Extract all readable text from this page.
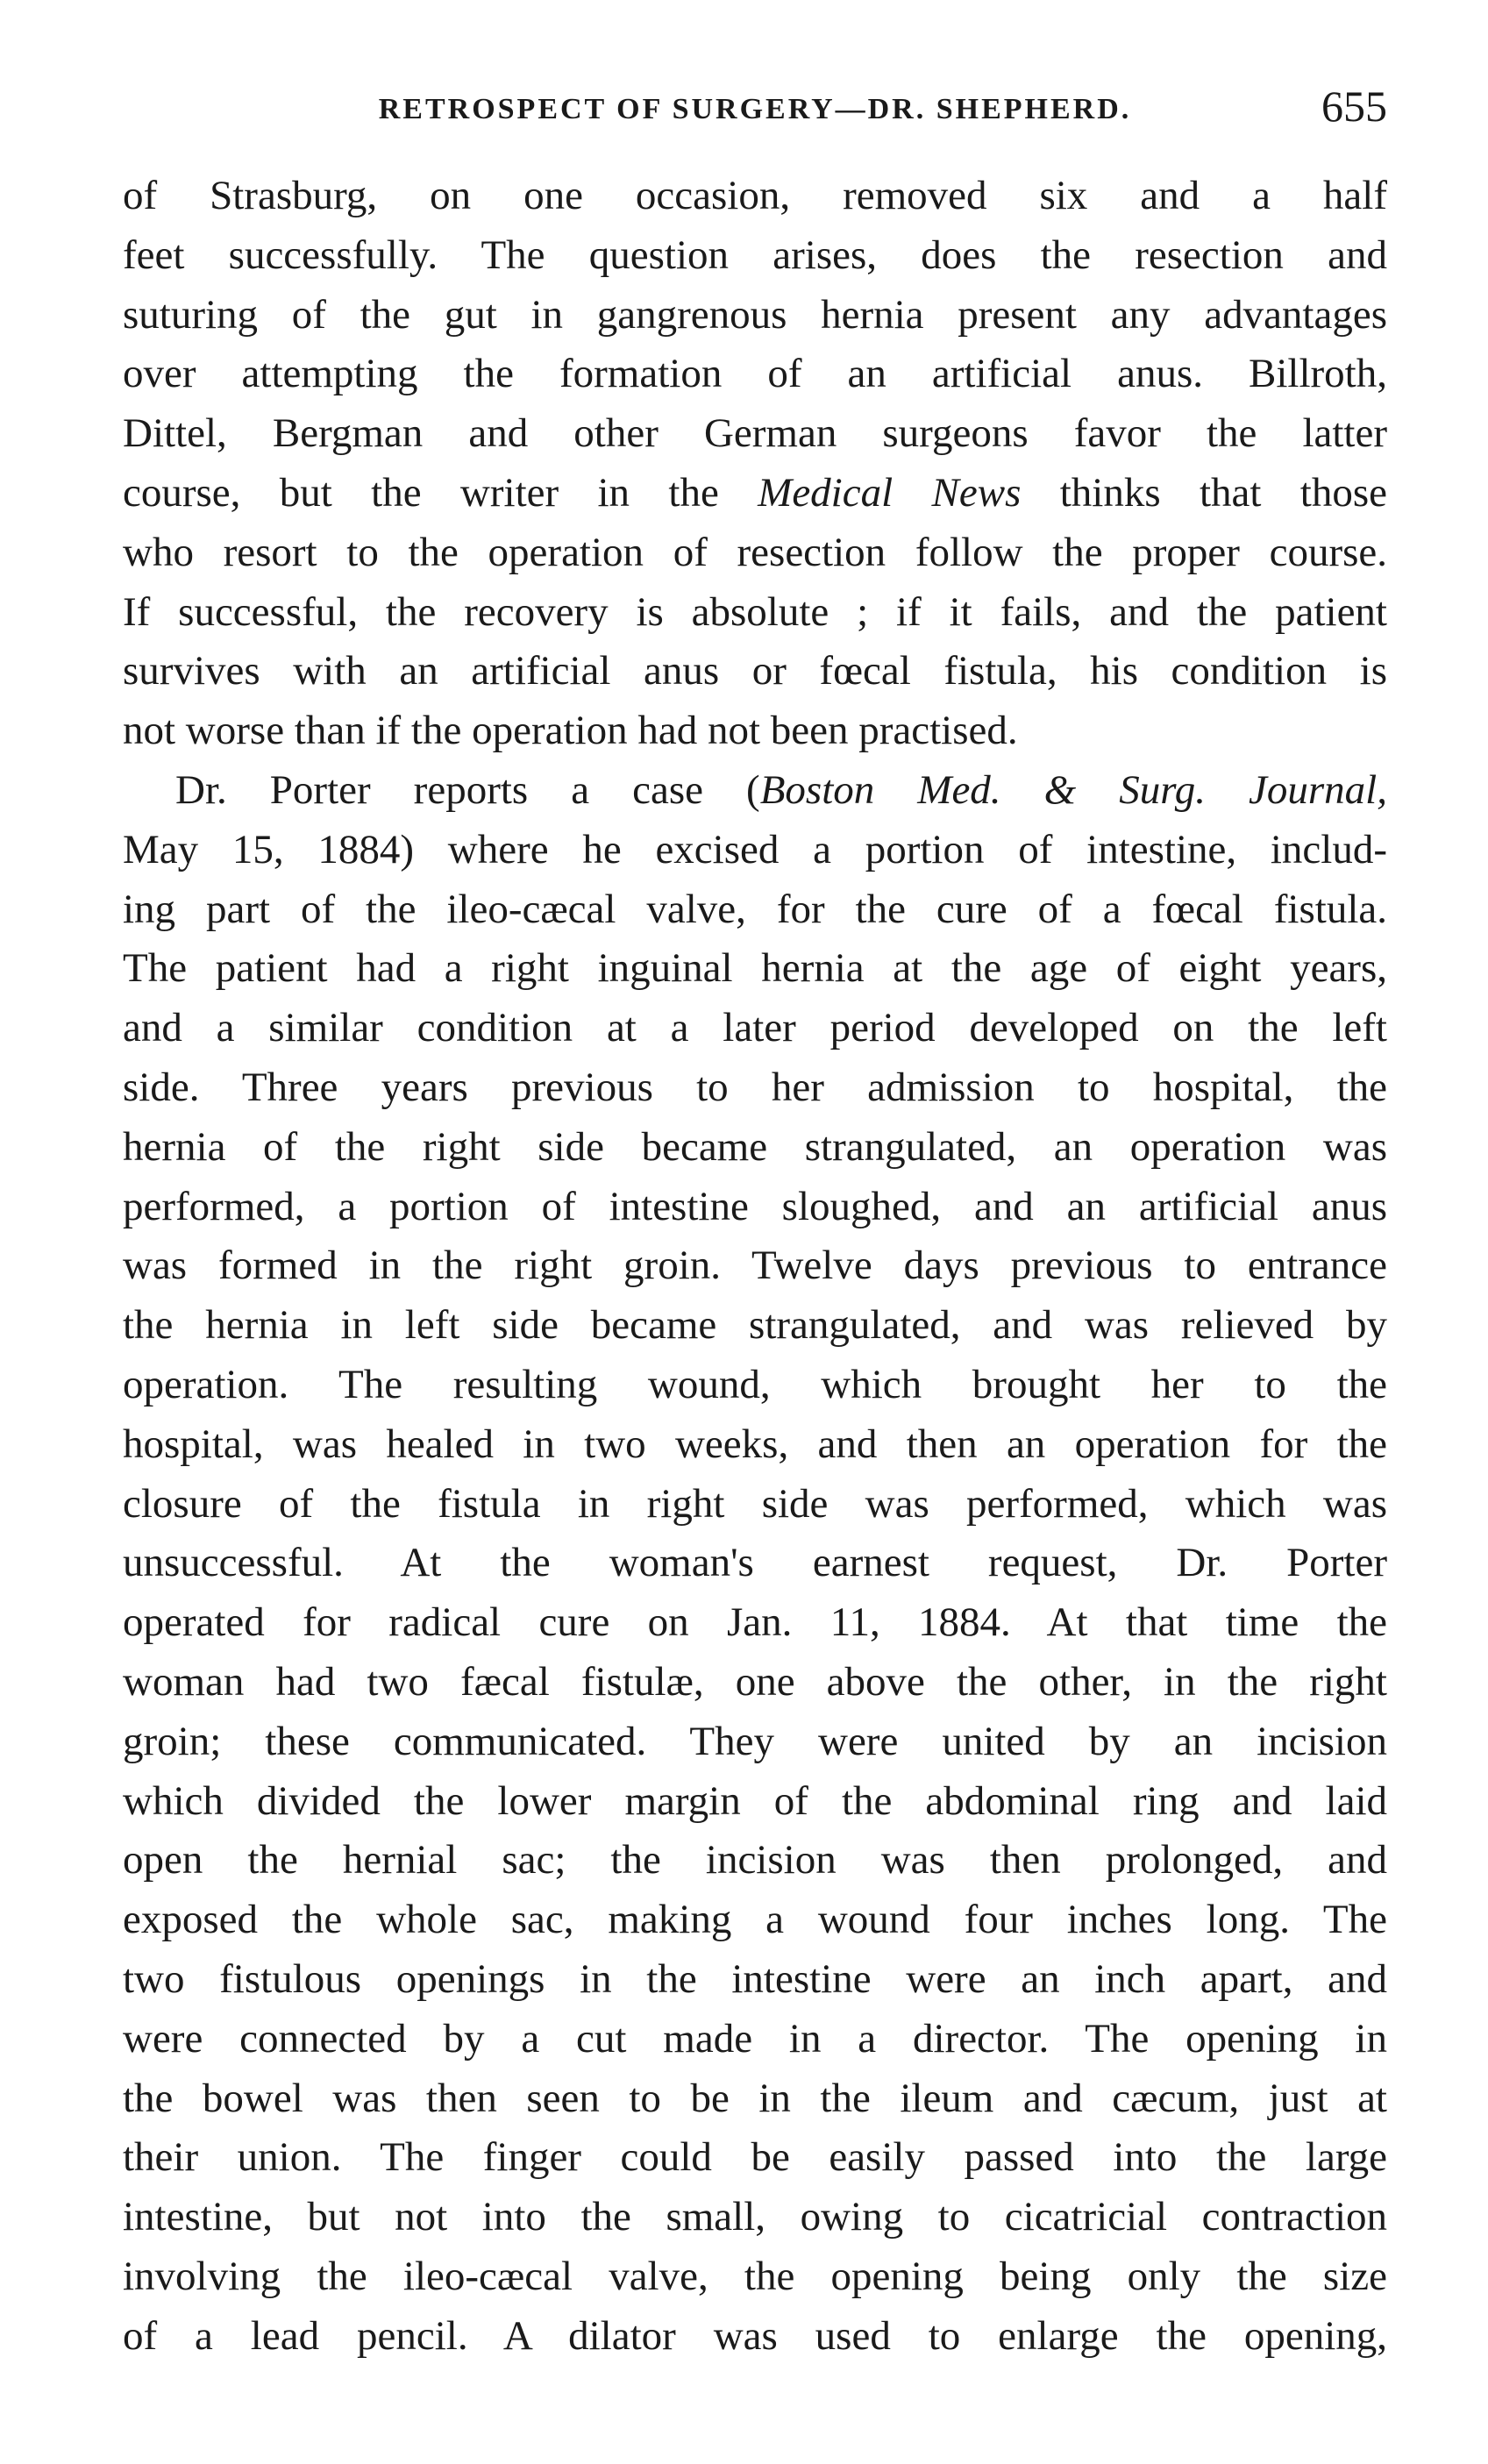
RETROSPECT OF SURGERY—DR. SHEPHERD.	655
of Strasburg, on one occasion, removed six and a half
feet successfully. The question arises, does the resection and
suturing of the gut in gangrenous hernia present any advantages
over attempting the formation of an artificial anus. Billroth,
Dittel, Bergman and other German surgeons favor the latter
course, but the writer in the Medical News thinks that those
who resort to the operation of resection follow the proper course.
If successful, the recovery is absolute ; if it fails, and the patient
survives with an artificial anus or fœcal fistula, his condition is
not worse than if the operation had not been practised.
Dr. Porter reports a case (Boston Med. & Surg. Journal,
May 15, 1884) where he excised a portion of intestine, includ-
ing part of the ileo-cæcal valve, for the cure of a fœcal fistula.
The patient had a right inguinal hernia at the age of eight years,
and a similar condition at a later period developed on the left
side. Three years previous to her admission to hospital, the
hernia of the right side became strangulated, an operation was
performed, a portion of intestine sloughed, and an artificial anus
was formed in the right groin. Twelve days previous to entrance
the hernia in left side became strangulated, and was relieved by
operation. The resulting wound, which brought her to the
hospital, was healed in two weeks, and then an operation for the
closure of the fistula in right side was performed, which was
unsuccessful. At the woman's earnest request, Dr. Porter
operated for radical cure on Jan. 11, 1884. At that time the
woman had two fæcal fistulæ, one above the other, in the right
groin; these communicated. They were united by an incision
which divided the lower margin of the abdominal ring and laid
open the hernial sac; the incision was then prolonged, and
exposed the whole sac, making a wound four inches long. The
two fistulous openings in the intestine were an inch apart, and
were connected by a cut made in a director. The opening in
the bowel was then seen to be in the ileum and cæcum, just at
their union. The finger could be easily passed into the large
intestine, but not into the small, owing to cicatricial contraction
involving the ileo-cæcal valve, the opening being only the size
of a lead pencil. A dilator was used to enlarge the opening,
